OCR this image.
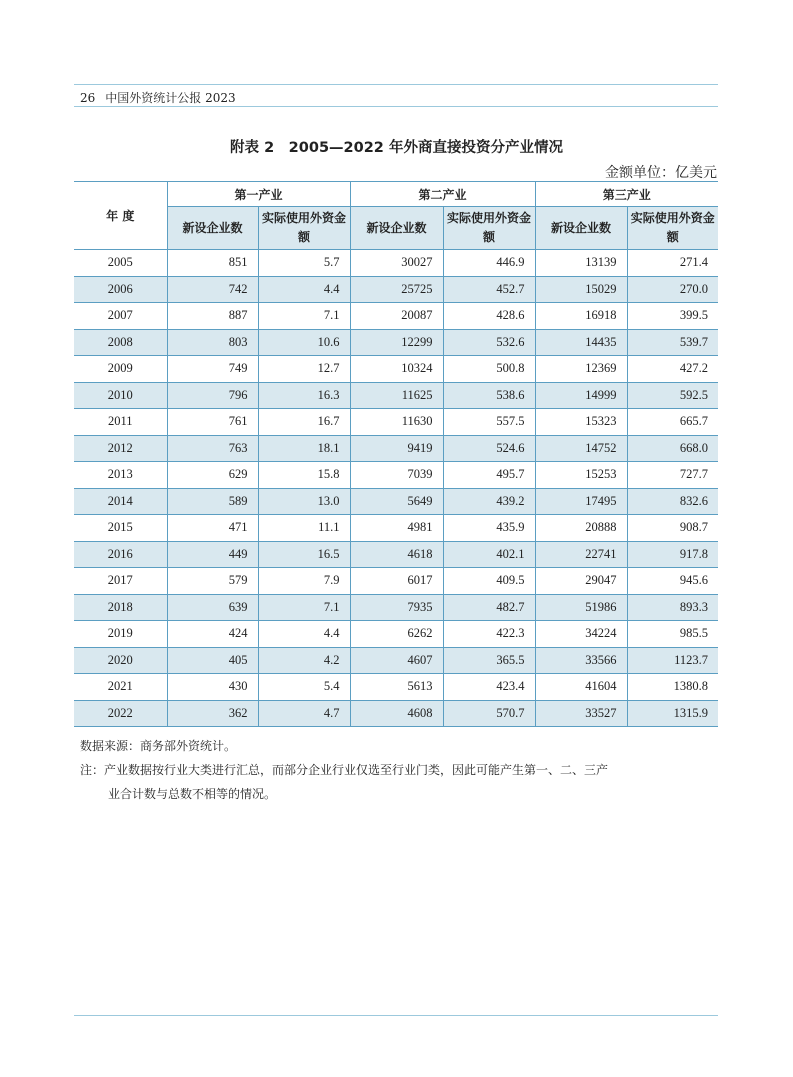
26 中国外资统计公报 2023
附表 2　2005—2022 年外商直接投资分产业情况
金额单位：亿美元
年 度	第一产业		第二产业		第三产业	
	新设企业数	实际使用外资金额	新设企业数	实际使用外资金额	新设企业数	实际使用外资金额
2005	851	5.7	30027	446.9	13139	271.4
2006	742	4.4	25725	452.7	15029	270.0
2007	887	7.1	20087	428.6	16918	399.5
2008	803	10.6	12299	532.6	14435	539.7
2009	749	12.7	10324	500.8	12369	427.2
2010	796	16.3	11625	538.6	14999	592.5
2011	761	16.7	11630	557.5	15323	665.7
2012	763	18.1	9419	524.6	14752	668.0
2013	629	15.8	7039	495.7	15253	727.7
2014	589	13.0	5649	439.2	17495	832.6
2015	471	11.1	4981	435.9	20888	908.7
2016	449	16.5	4618	402.1	22741	917.8
2017	579	7.9	6017	409.5	29047	945.6
2018	639	7.1	7935	482.7	51986	893.3
2019	424	4.4	6262	422.3	34224	985.5
2020	405	4.2	4607	365.5	33566	1123.7
2021	430	5.4	5613	423.4	41604	1380.8
2022	362	4.7	4608	570.7	33527	1315.9
数据来源：商务部外资统计。
注：产业数据按行业大类进行汇总，而部分企业行业仅选至行业门类，因此可能产生第一、二、三产
业合计数与总数不相等的情况。
